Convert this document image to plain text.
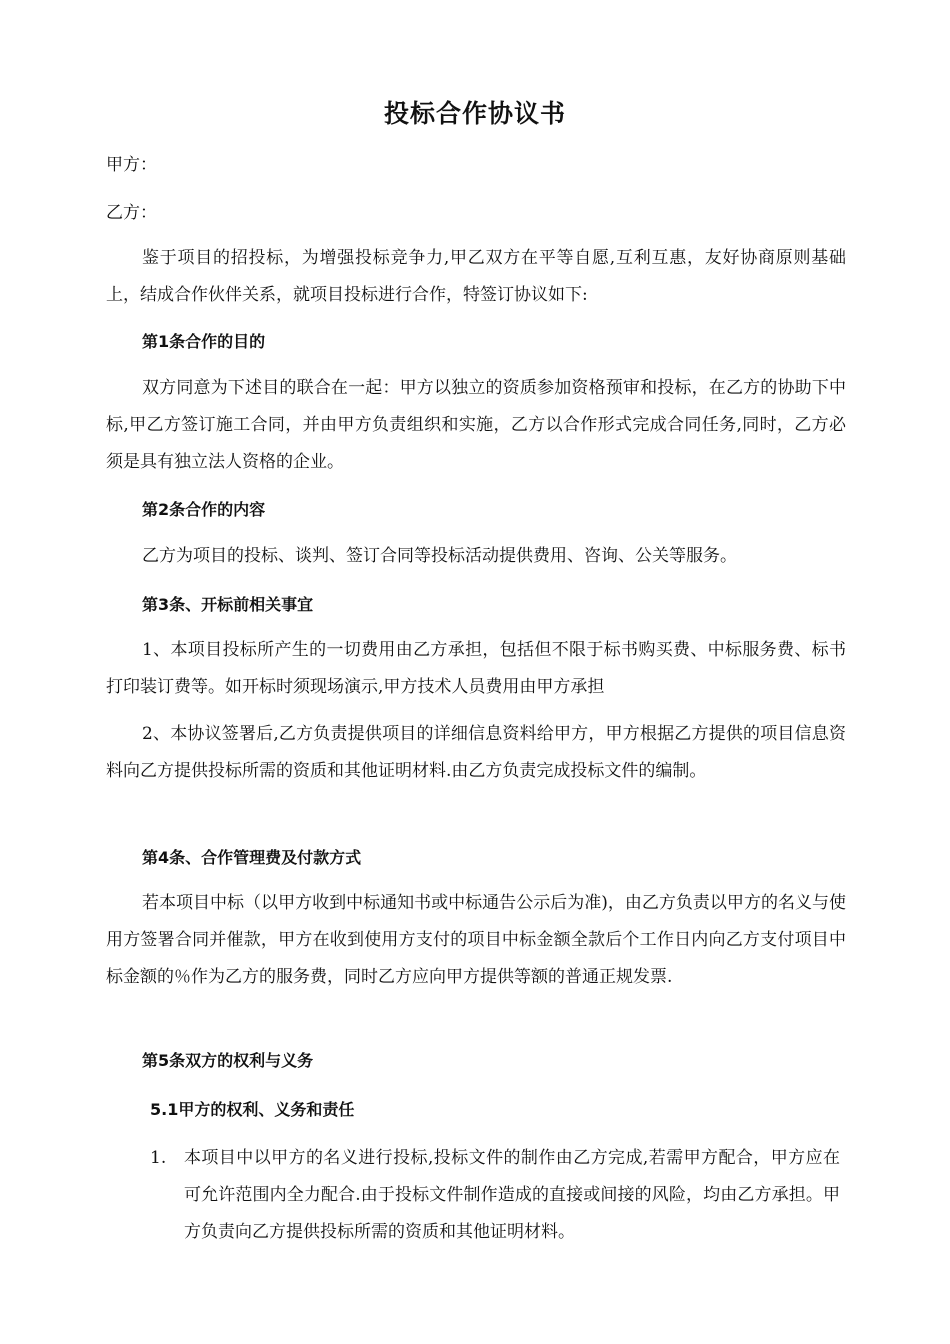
投标合作协议书

甲方：

乙方：

鉴于项目的招投标，为增强投标竞争力,甲乙双方在平等自愿,互利互惠，友好协商原则基础上，结成合作伙伴关系，就项目投标进行合作，特签订协议如下:

第1条合作的目的

双方同意为下述目的联合在一起：甲方以独立的资质参加资格预审和投标，在乙方的协助下中标,甲乙方签订施工合同，并由甲方负责组织和实施，乙方以合作形式完成合同任务,同时，乙方必须是具有独立法人资格的企业。

第2条合作的内容

乙方为项目的投标、谈判、签订合同等投标活动提供费用、咨询、公关等服务。

第3条、开标前相关事宜

1、本项目投标所产生的一切费用由乙方承担，包括但不限于标书购买费、中标服务费、标书打印装订费等。如开标时须现场演示,甲方技术人员费用由甲方承担

2、本协议签署后,乙方负责提供项目的详细信息资料给甲方，甲方根据乙方提供的项目信息资料向乙方提供投标所需的资质和其他证明材料.由乙方负责完成投标文件的编制。

第4条、合作管理费及付款方式

若本项目中标（以甲方收到中标通知书或中标通告公示后为准)，由乙方负责以甲方的名义与使用方签署合同并催款，甲方在收到使用方支付的项目中标金额全款后个工作日内向乙方支付项目中标金额的％作为乙方的服务费，同时乙方应向甲方提供等额的普通正规发票.

第5条双方的权利与义务
5.1甲方的权利、义务和责任
1.	本项目中以甲方的名义进行投标,投标文件的制作由乙方完成,若需甲方配合，甲方应在可允许范围内全力配合.由于投标文件制作造成的直接或间接的风险，均由乙方承担。甲方负责向乙方提供投标所需的资质和其他证明材料。
